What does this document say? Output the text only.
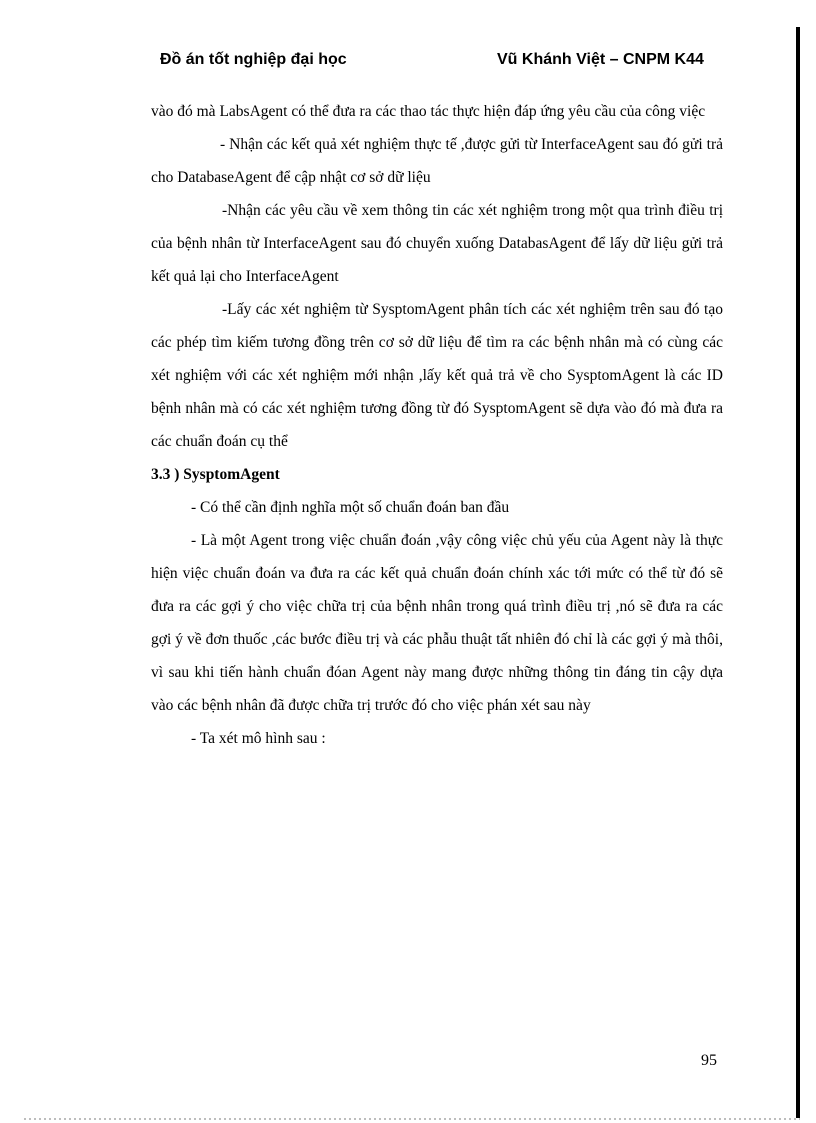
Đồ án tốt nghiệp đại học	Vũ Khánh Việt – CNPM K44

vào đó mà LabsAgent có thể đưa ra các thao tác thực hiện đáp ứng yêu cầu của công việc

- Nhận các kết quả xét nghiệm thực tế ,được gửi từ InterfaceAgent sau đó gửi trả cho DatabaseAgent để cập nhật cơ sở dữ liệu

-Nhận các yêu cầu về xem thông tin các xét nghiệm trong một qua trình điều trị của bệnh nhân từ InterfaceAgent sau đó chuyển xuống DatabasAgent để lấy dữ liệu gửi trả kết quả lại cho InterfaceAgent

-Lấy các xét nghiệm từ SysptomAgent phân tích các xét nghiệm trên sau đó tạo các phép tìm kiếm tương đồng trên cơ sở dữ liệu để tìm ra các bệnh nhân mà có cùng các xét nghiệm với các xét nghiệm mới nhận ,lấy kết quả trả về cho SysptomAgent là các ID bệnh nhân mà có các xét nghiệm tương đồng từ đó SysptomAgent sẽ dựa vào đó mà đưa ra các chuẩn đoán cụ thể

3.3 ) SysptomAgent

- Có thể cần định nghĩa một số chuẩn đoán ban đầu

- Là một Agent trong việc chuẩn đoán ,vậy công việc chủ yếu của Agent này là thực hiện việc chuẩn đoán va đưa ra các kết quả chuẩn đoán chính xác tới mức có thể từ đó sẽ đưa ra các gợi ý cho việc chữa trị của bệnh nhân trong quá trình điều trị ,nó sẽ đưa ra các gợi ý về đơn thuốc ,các bước điều trị và các phẫu thuật tất nhiên đó chỉ là các gợi ý mà thôi, vì sau khi tiến hành chuẩn đóan Agent này mang được những thông tin đáng tin cậy dựa vào các bệnh nhân đã được chữa trị trước đó cho việc phán xét sau này

- Ta xét mô hình sau :

95
